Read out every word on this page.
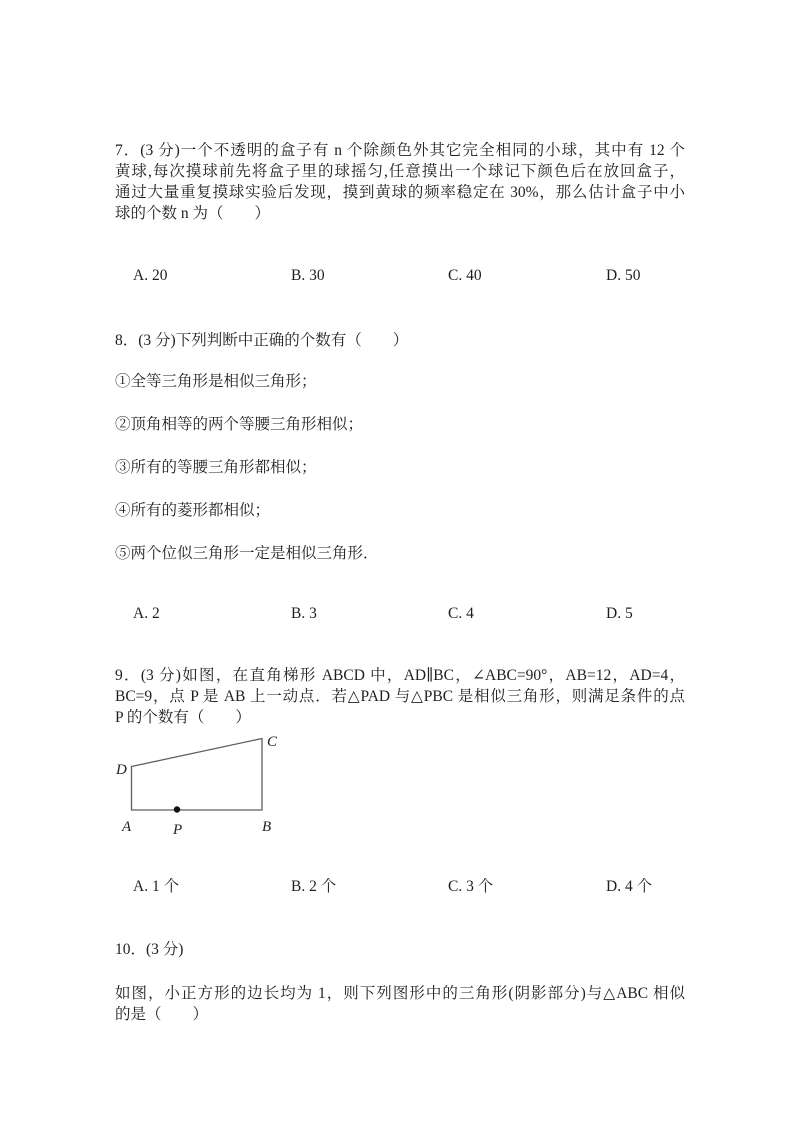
7．(3 分)一个不透明的盒子有 n 个除颜色外其它完全相同的小球，其中有 12 个
黄球,每次摸球前先将盒子里的球摇匀,任意摸出一个球记下颜色后在放回盒子，
通过大量重复摸球实验后发现，摸到黄球的频率稳定在 30%，那么估计盒子中小
球的个数 n 为（　　）
A. 20	B. 30	C. 40	D. 50
8．(3 分)下列判断中正确的个数有（　　）
①全等三角形是相似三角形；
②顶角相等的两个等腰三角形相似；
③所有的等腰三角形都相似；
④所有的菱形都相似；
⑤两个位似三角形一定是相似三角形．
A. 2	B. 3	C. 4	D. 5
9．(3 分)如图，在直角梯形 ABCD 中，AD∥BC，∠ABC=90°，AB=12，AD=4，
BC=9，点 P 是 AB 上一动点．若△PAD 与△PBC 是相似三角形，则满足条件的点
P 的个数有（　　）
D
C
A	P	B
A. 1 个	B. 2 个	C. 3 个	D. 4 个
10．(3 分)
如图，小正方形的边长均为 1，则下列图形中的三角形(阴影部分)与△ABC 相似
的是（　　）
